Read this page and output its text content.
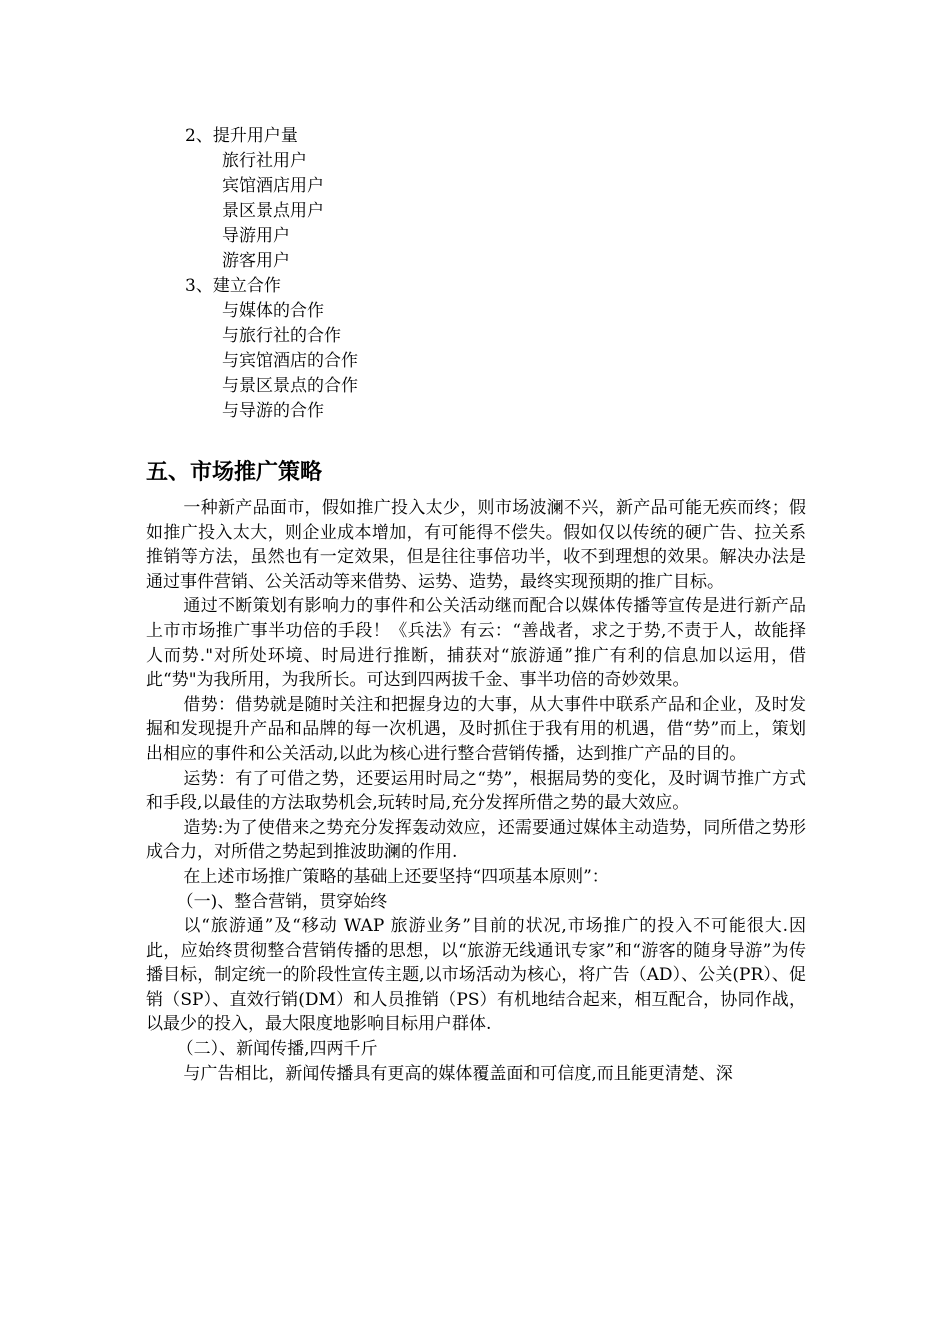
2、提升用户量
旅行社用户
宾馆酒店用户
景区景点用户
导游用户
游客用户
3、建立合作
与媒体的合作
与旅行社的合作
与宾馆酒店的合作
与景区景点的合作
与导游的合作
五、市场推广策略

一种新产品面市，假如推广投入太少，则市场波澜不兴，新产品可能无疾而终；假如推广投入太大，则企业成本增加，有可能得不偿失。假如仅以传统的硬广告、拉关系推销等方法，虽然也有一定效果，但是往往事倍功半，收不到理想的效果。解决办法是通过事件营销、公关活动等来借势、运势、造势，最终实现预期的推广目标。

通过不断策划有影响力的事件和公关活动继而配合以媒体传播等宣传是进行新产品上市市场推广事半功倍的手段！《兵法》有云：“善战者，求之于势,不责于人，故能择人而势."对所处环境、时局进行推断，捕获对“旅游通”推广有利的信息加以运用，借此“势"为我所用，为我所长。可达到四两拔千金、事半功倍的奇妙效果。

借势：借势就是随时关注和把握身边的大事，从大事件中联系产品和企业，及时发掘和发现提升产品和品牌的每一次机遇，及时抓住于我有用的机遇，借“势”而上，策划出相应的事件和公关活动,以此为核心进行整合营销传播，达到推广产品的目的。

运势：有了可借之势，还要运用时局之“势”，根据局势的变化，及时调节推广方式和手段,以最佳的方法取势机会,玩转时局,充分发挥所借之势的最大效应。

造势:为了使借来之势充分发挥轰动效应，还需要通过媒体主动造势，同所借之势形成合力，对所借之势起到推波助澜的作用.

在上述市场推广策略的基础上还要坚持“四项基本原则”：

（一)、整合营销，贯穿始终

以“旅游通”及“移动 WAP 旅游业务”目前的状况,市场推广的投入不可能很大.因此，应始终贯彻整合营销传播的思想，以“旅游无线通讯专家”和“游客的随身导游”为传播目标，制定统一的阶段性宣传主题,以市场活动为核心，将广告（AD）、公关(PR）、促销（SP）、直效行销(DM）和人员推销（PS）有机地结合起来，相互配合，协同作战，以最少的投入，最大限度地影响目标用户群体.

（二）、新闻传播,四两千斤

与广告相比，新闻传播具有更高的媒体覆盖面和可信度,而且能更清楚、深
